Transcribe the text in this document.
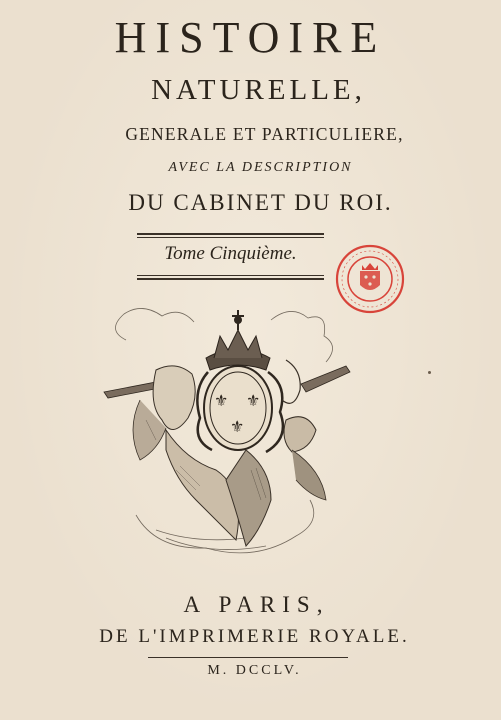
HISTOIRE
NATURELLE,
GENERALE ET PARTICULIERE,
AVEC LA DESCRIPTION
DU CABINET DU ROI.
Tome Cinquième.
⚜ ⚜
⚜
A PARIS,
DE L'IMPRIMERIE ROYALE.
M. DCCLV.
